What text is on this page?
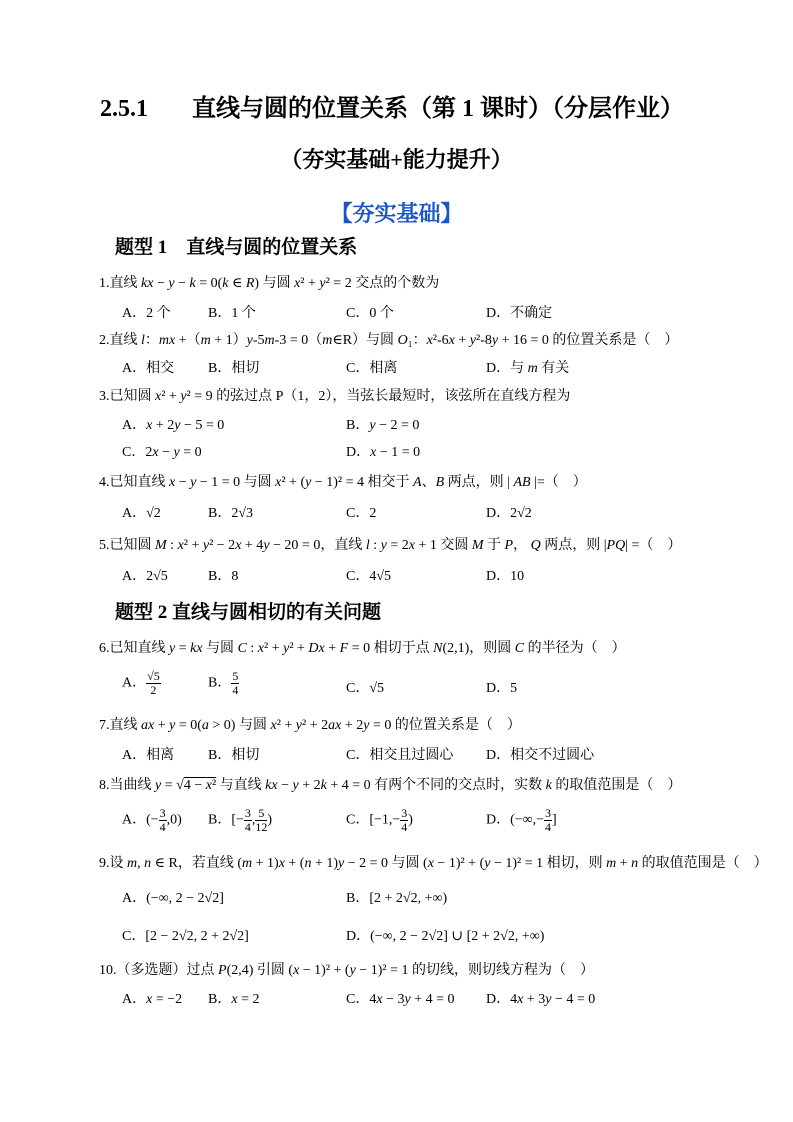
2.5.1 直线与圆的位置关系（第 1 课时）（分层作业）
（夯实基础+能力提升）
【夯实基础】
题型 1　直线与圆的位置关系
1.直线 kx − y − k = 0(k ∈ R) 与圆 x² + y² = 2 交点的个数为
A．2 个	B．1 个	C．0 个	D．不确定
2.直线 l：mx +（m + 1）y-5m-3 = 0（m∈R）与圆 O₁：x²-6x + y²-8y + 16 = 0 的位置关系是（　）
A．相交 B．相切	C．相离	D．与 m 有关
3.已知圆 x² + y² = 9 的弦过点 P（1，2），当弦长最短时，该弦所在直线方程为
A．x + 2y − 5 = 0	B．y − 2 = 0
C．2x − y = 0	D．x − 1 = 0
4.已知直线 x − y − 1 = 0 与圆 x² + (y − 1)² = 4 相交于 A、B 两点，则 | AB |=（　）
A．√2	B．2√3	C．2	D．2√2
5.已知圆 M : x² + y² − 2x + 4y − 20 = 0，直线 l : y = 2x + 1 交圆 M 于 P， Q 两点，则 |PQ| =（　）
A．2√5	B．8	C．4√5	D．10
题型 2 直线与圆相切的有关问题
6.已知直线 y = kx 与圆 C : x² + y² + Dx + F = 0 相切于点 N(2,1)，则圆 C 的半径为（　）
A． $\frac{√5}{2}$	B． $\frac{5}{4}$	C．√5	D．5
7.直线 ax + y = 0(a > 0) 与圆 x² + y² + 2ax + 2y = 0 的位置关系是（　）
A．相离 B．相切	C．相交且过圆心 D．相交不过圆心
8.当曲线 y = √4 − x² 与直线 kx − y + 2k + 4 = 0 有两个不同的交点时，实数 k 的取值范围是（　）
A．(− $\frac{3}{4} ,0$) B．[− $\frac{3}{4}$ , $\frac{5}{12}$ )	C．[$-1,- \frac{3}{4}$ )	D．(−∞,− $\frac{3}{4}$ ]
9.设 m, n ∈ R，若直线 (m + 1)x + (n + 1)y − 2 = 0 与圆 (x − 1)² + (y − 1)² = 1 相切，则 m + n 的取值范围是（　）
A．(−∞, 2 − 2√2]	B．[2 + 2√2, +∞)
C．[2 − 2√2, 2 + 2√2]	D．(−∞, 2 − 2√2] ∪ [2 + 2√2, +∞)
10.（多选题）过点 P(2,4) 引圆 (x − 1)² + (y − 1)² = 1 的切线，则切线方程为（　）
A．x = −2 B．x = 2	C．4x − 3y + 4 = 0 D．4x + 3y − 4 = 0
